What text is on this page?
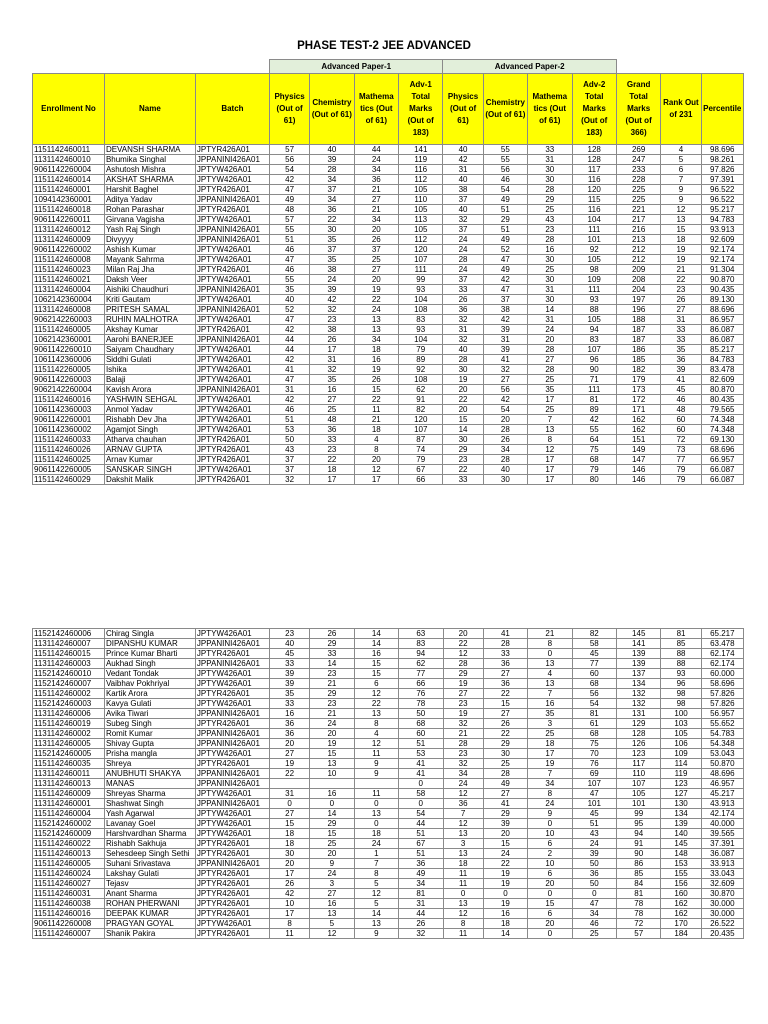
PHASE TEST-2 JEE ADVANCED
			Advanced Paper-1				Advanced Paper-2						
Enrollment No	Name	Batch	Physics (Out of 61)	Chemistry (Out of 61)	Mathema tics (Out of 61)	Adv-1 Total Marks (Out of 183)	Physics (Out of 61)	Chemistry (Out of 61)	Mathema tics (Out of 61)	Adv-2 Total Marks (Out of 183)	Grand Total Marks (Out of 366)	Rank Out of 231	Percentile
1151142460011	DEVANSH SHARMA	JPTYR426A01	57	40	44	141	40	55	33	128	269	4	98.696
1131142460010	Bhumika Singhal	JPPANINI426A01	56	39	24	119	42	55	31	128	247	5	98.261
9061142260004	Ashutosh Mishra	JPTYW426A01	54	28	34	116	31	56	30	117	233	6	97.826
1151142460014	AKSHAT SHARMA	JPTYW426A01	42	34	36	112	40	46	30	116	228	7	97.391
1151142460001	Harshit Baghel	JPTYR426A01	47	37	21	105	38	54	28	120	225	9	96.522
1094142360001	Aditya Yadav	JPPANINI426A01	49	34	27	110	37	49	29	115	225	9	96.522
1151142460018	Rohan Parashar	JPTYR426A01	48	36	21	105	40	51	25	116	221	12	95.217
9061142260011	Girvana Vagisha	JPTYW426A01	57	22	34	113	32	29	43	104	217	13	94.783
1131142460012	Yash Raj Singh	JPPANINI426A01	55	30	20	105	37	51	23	111	216	15	93.913
1131142460009	Divyyyy	JPPANINI426A01	51	35	26	112	24	49	28	101	213	18	92.609
9061142260002	Ashish Kumar	JPTYW426A01	46	37	37	120	24	52	16	92	212	19	92.174
1151142460008	Mayank Sahrma	JPTYW426A01	47	35	25	107	28	47	30	105	212	19	92.174
1151142460023	Milan Raj Jha	JPTYR426A01	46	38	27	111	24	49	25	98	209	21	91.304
1151142460021	Daksh Veer	JPTYW426A01	55	24	20	99	37	42	30	109	208	22	90.870
1131142460004	Aishiki Chaudhuri	JPPANINI426A01	35	39	19	93	33	47	31	111	204	23	90.435
1062142360004	Kriti Gautam	JPTYW426A01	40	42	22	104	26	37	30	93	197	26	89.130
1131142460008	PRITESH SAMAL	JPPANINI426A01	52	32	24	108	36	38	14	88	196	27	88.696
9062142260003	RUHIN MALHOTRA	JPTYW426A01	47	23	13	83	32	42	31	105	188	31	86.957
1151142460005	Akshay Kumar	JPTYR426A01	42	38	13	93	31	39	24	94	187	33	86.087
1062142360001	Aarohi BANERJEE	JPPANINI426A01	44	26	34	104	32	31	20	83	187	33	86.087
9061142260010	Saiyam Chaudhary	JPTYW426A01	44	17	18	79	40	39	28	107	186	35	85.217
1061142360006	Siddhi Gulati	JPTYW426A01	42	31	16	89	28	41	27	96	185	36	84.783
1151142260005	Ishika	JPTYW426A01	41	32	19	92	30	32	28	90	182	39	83.478
9061142260003	Balaji	JPTYW426A01	47	35	26	108	19	27	25	71	179	41	82.609
9062142260004	Kavish Arora	JPPANINI426A01	31	16	15	62	20	56	35	111	173	45	80.870
1151142460016	YASHWIN SEHGAL	JPTYW426A01	42	27	22	91	22	42	17	81	172	46	80.435
1061142360003	Anmol Yadav	JPTYW426A01	46	25	11	82	20	54	25	89	171	48	79.565
9061142260001	Rishabh Dev Jha	JPTYW426A01	51	48	21	120	15	20	7	42	162	60	74.348
1061142360002	Agamjot Singh	JPTYW426A01	53	36	18	107	14	28	13	55	162	60	74.348
1151142460033	Atharva chauhan	JPTYR426A01	50	33	4	87	30	26	8	64	151	72	69.130
1151142460026	ARNAV GUPTA	JPTYR426A01	43	23	8	74	29	34	12	75	149	73	68.696
1151142460025	Arnav Kumar	JPTYR426A01	37	22	20	79	23	28	17	68	147	77	66.957
9061142260005	SANSKAR SINGH	JPTYW426A01	37	18	12	67	22	40	17	79	146	79	66.087
1151142460029	Dakshit Malik	JPTYR426A01	32	17	17	66	33	30	17	80	146	79	66.087
1152142460006	Chirag Singla	JPTYW426A01	23	26	14	63	20	41	21	82	145	81	65.217
1131142460007	DIPANSHU KUMAR	JPPANINI426A01	40	29	14	83	22	28	8	58	141	85	63.478
1151142460015	Prince Kumar Bharti	JPTYR426A01	45	33	16	94	12	33	0	45	139	88	62.174
1131142460003	Aukhad Singh	JPPANINI426A01	33	14	15	62	28	36	13	77	139	88	62.174
1152142460010	Vedant Tondak	JPTYW426A01	39	23	15	77	29	27	4	60	137	93	60.000
1152142460007	Vaibhav Pokhriyal	JPTYW426A01	39	21	6	66	19	36	13	68	134	96	58.696
1151142460002	Kartik Arora	JPTYR426A01	35	29	12	76	27	22	7	56	132	98	57.826
1152142460003	Kavya Gulati	JPTYW426A01	33	23	22	78	23	15	16	54	132	98	57.826
1131142460006	Avika Tiwari	JPPANINI426A01	16	21	13	50	19	27	35	81	131	100	56.957
1151142460019	Subeg Singh	JPTYR426A01	36	24	8	68	32	26	3	61	129	103	55.652
1131142460002	Romit Kumar	JPPANINI426A01	36	20	4	60	21	22	25	68	128	105	54.783
1131142460005	Shivay Gupta	JPPANINI426A01	20	19	12	51	28	29	18	75	126	106	54.348
1152142460005	Prisha mangla	JPTYW426A01	27	15	11	53	23	30	17	70	123	109	53.043
1151142460035	Shreya	JPTYR426A01	19	13	9	41	32	25	19	76	117	114	50.870
1131142460011	ANUBHUTI SHAKYA	JPPANINI426A01	22	10	9	41	34	28	7	69	110	119	48.696
1131142460013	MANAS	JPPANINI426A01				0	24	49	34	107	107	123	46.957
1151142460009	Shreyas Sharma	JPTYW426A01	31	16	11	58	12	27	8	47	105	127	45.217
1131142460001	Shashwat Singh	JPPANINI426A01	0	0	0	0	36	41	24	101	101	130	43.913
1151142460004	Yash Agarwal	JPTYW426A01	27	14	13	54	7	29	9	45	99	134	42.174
1152142460002	Lavanay Goel	JPTYW426A01	15	29	0	44	12	39	0	51	95	139	40.000
1152142460009	Harshvardhan Sharma	JPTYW426A01	18	15	18	51	13	20	10	43	94	140	39.565
1151142460022	Rishabh Sakhuja	JPTYR426A01	18	25	24	67	3	15	6	24	91	145	37.391
1151142460013	Sehesdeep Singh Sethi	JPTYR426A01	30	20	1	51	13	24	2	39	90	148	36.087
1151142460005	Suhani Srivastava	JPPANINI426A01	20	9	7	36	18	22	10	50	86	153	33.913
1151142460024	Lakshay Gulati	JPTYR426A01	17	24	8	49	11	19	6	36	85	155	33.043
1151142460027	Tejasv	JPTYR426A01	26	3	5	34	11	19	20	50	84	156	32.609
1151142460031	Anant Sharma	JPTYR426A01	42	27	12	81	0	0	0	0	81	160	30.870
1151142460038	ROHAN PHERWANI	JPTYR426A01	10	16	5	31	13	19	15	47	78	162	30.000
1151142460016	DEEPAK KUMAR	JPTYR426A01	17	13	14	44	12	16	6	34	78	162	30.000
9061142260008	PRAGYAN GOYAL	JPTYW426A01	8	5	13	26	8	18	20	46	72	170	26.522
1151142460007	Shanik Pakira	JPTYR426A01	11	12	9	32	11	14	0	25	57	184	20.435
